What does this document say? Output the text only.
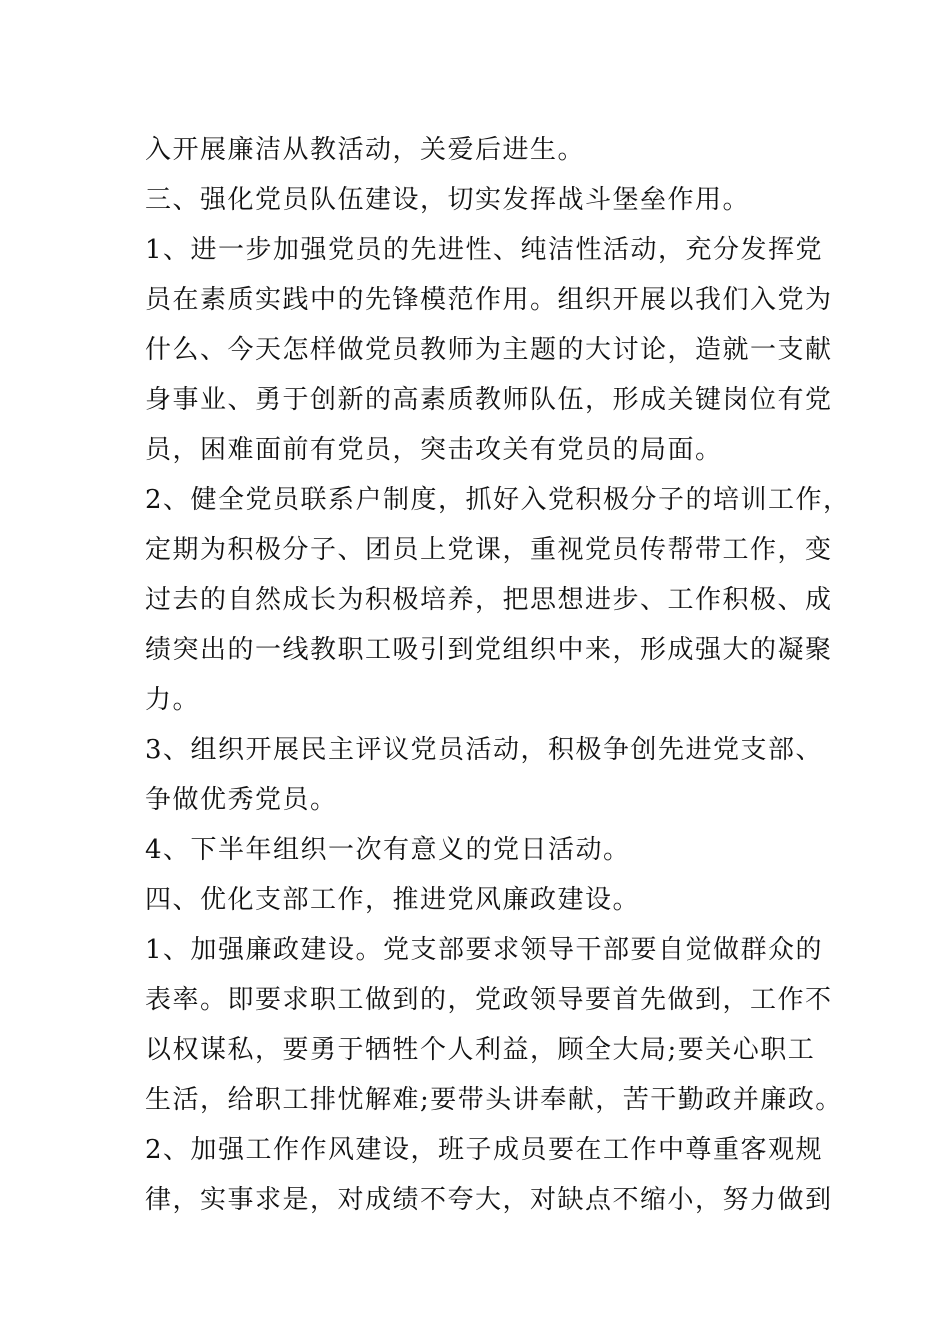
入开展廉洁从教活动，关爱后进生。
三、强化党员队伍建设，切实发挥战斗堡垒作用。
1、进一步加强党员的先进性、纯洁性活动，充分发挥党
员在素质实践中的先锋模范作用。组织开展以我们入党为
什么、今天怎样做党员教师为主题的大讨论，造就一支献
身事业、勇于创新的高素质教师队伍，形成关键岗位有党
员，困难面前有党员，突击攻关有党员的局面。
2、健全党员联系户制度，抓好入党积极分子的培训工作，
定期为积极分子、团员上党课，重视党员传帮带工作，变
过去的自然成长为积极培养，把思想进步、工作积极、成
绩突出的一线教职工吸引到党组织中来，形成强大的凝聚
力。
3、组织开展民主评议党员活动，积极争创先进党支部、
争做优秀党员。
4、下半年组织一次有意义的党日活动。
四、优化支部工作，推进党风廉政建设。
1、加强廉政建设。党支部要求领导干部要自觉做群众的
表率。即要求职工做到的，党政领导要首先做到，工作不
以权谋私，要勇于牺牲个人利益，顾全大局;要关心职工
生活，给职工排忧解难;要带头讲奉献，苦干勤政并廉政。
2、加强工作作风建设，班子成员要在工作中尊重客观规
律，实事求是，对成绩不夸大，对缺点不缩小，努力做到
